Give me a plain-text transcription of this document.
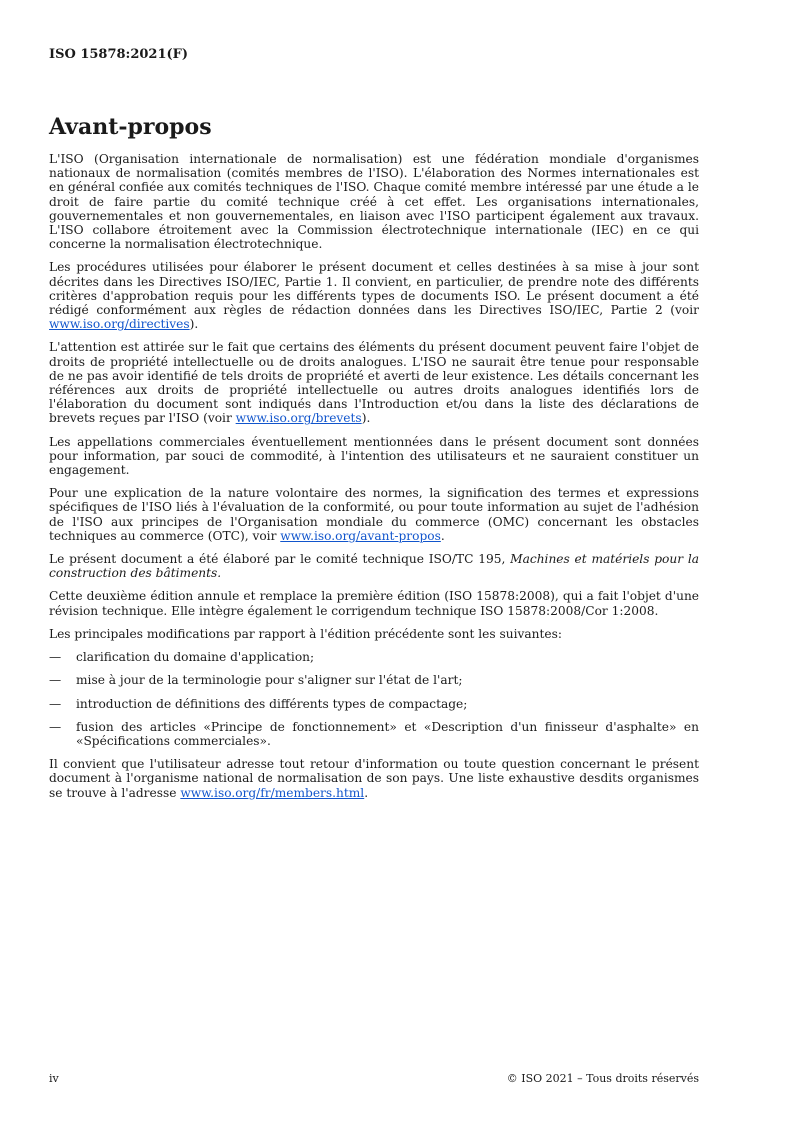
ISO 15878:2021(F)
Avant-propos

L'ISO (Organisation internationale de normalisation) est une fédération mondiale d'organismes nationaux de normalisation (comités membres de l'ISO). L'élaboration des Normes internationales est en général confiée aux comités techniques de l'ISO. Chaque comité membre intéressé par une étude a le droit de faire partie du comité technique créé à cet effet. Les organisations internationales, gouvernementales et non gouvernementales, en liaison avec l'ISO participent également aux travaux. L'ISO collabore étroitement avec la Commission électrotechnique internationale (IEC) en ce qui concerne la normalisation électrotechnique.

Les procédures utilisées pour élaborer le présent document et celles destinées à sa mise à jour sont décrites dans les Directives ISO/IEC, Partie 1. Il convient, en particulier, de prendre note des différents critères d'approbation requis pour les différents types de documents ISO. Le présent document a été rédigé conformément aux règles de rédaction données dans les Directives ISO/IEC, Partie 2 (voir www.iso.org/directives).

L'attention est attirée sur le fait que certains des éléments du présent document peuvent faire l'objet de droits de propriété intellectuelle ou de droits analogues. L'ISO ne saurait être tenue pour responsable de ne pas avoir identifié de tels droits de propriété et averti de leur existence. Les détails concernant les références aux droits de propriété intellectuelle ou autres droits analogues identifiés lors de l'élaboration du document sont indiqués dans l'Introduction et/ou dans la liste des déclarations de brevets reçues par l'ISO (voir www.iso.org/brevets).

Les appellations commerciales éventuellement mentionnées dans le présent document sont données pour information, par souci de commodité, à l'intention des utilisateurs et ne sauraient constituer un engagement.

Pour une explication de la nature volontaire des normes, la signification des termes et expressions spécifiques de l'ISO liés à l'évaluation de la conformité, ou pour toute information au sujet de l'adhésion de l'ISO aux principes de l'Organisation mondiale du commerce (OMC) concernant les obstacles techniques au commerce (OTC), voir www.iso.org/avant-propos.

Le présent document a été élaboré par le comité technique ISO/TC 195, Machines et matériels pour la construction des bâtiments.

Cette deuxième édition annule et remplace la première édition (ISO 15878:2008), qui a fait l'objet d'une révision technique. Elle intègre également le corrigendum technique ISO 15878:2008/Cor 1:2008.

Les principales modifications par rapport à l'édition précédente sont les suivantes:

—	clarification du domaine d'application;
—	mise à jour de la terminologie pour s'aligner sur l'état de l'art;
—	introduction de définitions des différents types de compactage;
—	fusion des articles «Principe de fonctionnement» et «Description d'un finisseur d'asphalte» en «Spécifications commerciales».

Il convient que l'utilisateur adresse tout retour d'information ou toute question concernant le présent document à l'organisme national de normalisation de son pays. Une liste exhaustive desdits organismes se trouve à l'adresse www.iso.org/fr/members.html.

iv	© ISO 2021 – Tous droits réservés
